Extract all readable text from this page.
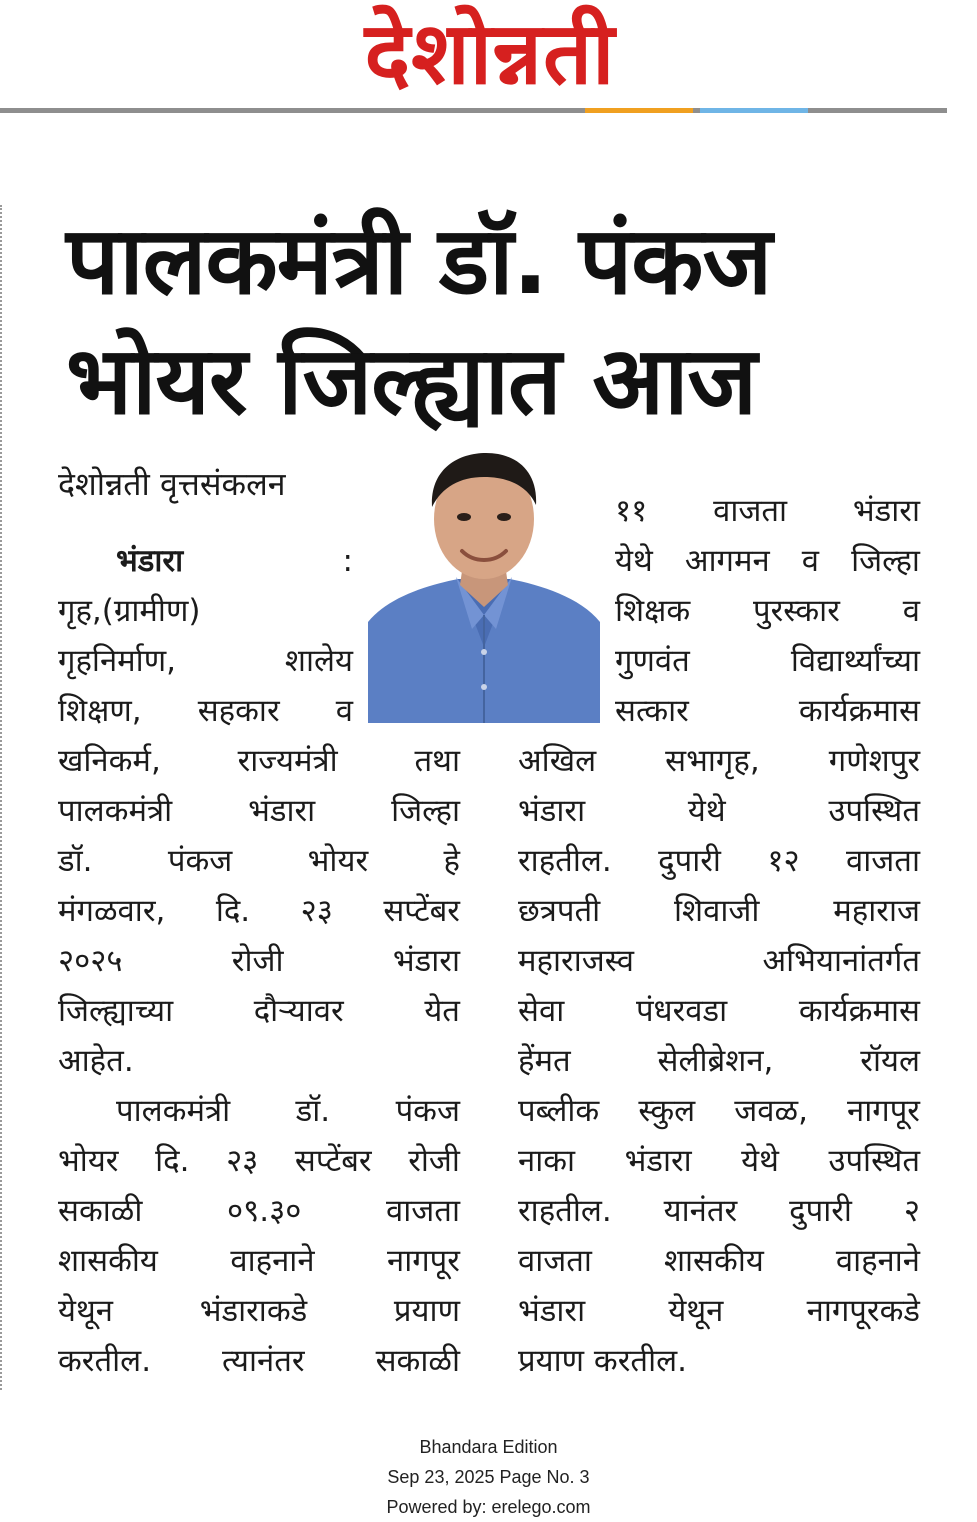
देशोन्नती
पालकमंत्री डॉ. पंकज
भोयर जिल्ह्यात आज
देशोन्नती वृत्तसंकलन
Bhandara Edition
Sep 23, 2025 Page No. 3
Powered by: erelego.com
भंडारा	:
गृह,(ग्रामीण)
गृहनिर्माण,	शालेय
शिक्षण, सहकार व
खनिकर्म, राज्यमंत्री तथा
पालकमंत्री भंडारा जिल्हा
डॉ. पंकज भोयर हे
मंगळवार, दि. २३ सप्टेंबर
२०२५	रोजी	भंडारा
जिल्ह्याच्या	दौऱ्यावर	येत
आहेत.
पालकमंत्री डॉ. पंकज
भोयर दि. २३ सप्टेंबर रोजी
सकाळी	०९.३०	वाजता
शासकीय वाहनाने नागपूर
येथून	भंडाराकडे	प्रयाण
करतील. त्यानंतर सकाळी
११ वाजता भंडारा
येथे आगमन व जिल्हा
शिक्षक पुरस्कार व
गुणवंत	विद्यार्थ्यांच्या
सत्कार	कार्यक्रमास
अखिल सभागृह, गणेशपुर
भंडारा	येथे	उपस्थित
राहतील. दुपारी १२ वाजता
छत्रपती शिवाजी महाराज
महाराजस्व	अभियानांतर्गत
सेवा पंधरवडा कार्यक्रमास
हेंमत	सेलीब्रेशन,	रॉयल
पब्लीक स्कुल जवळ, नागपूर
नाका भंडारा येथे उपस्थित
राहतील. यानंतर दुपारी २
वाजता शासकीय वाहनाने
भंडारा	येथून	नागपूरकडे
प्रयाण करतील.
